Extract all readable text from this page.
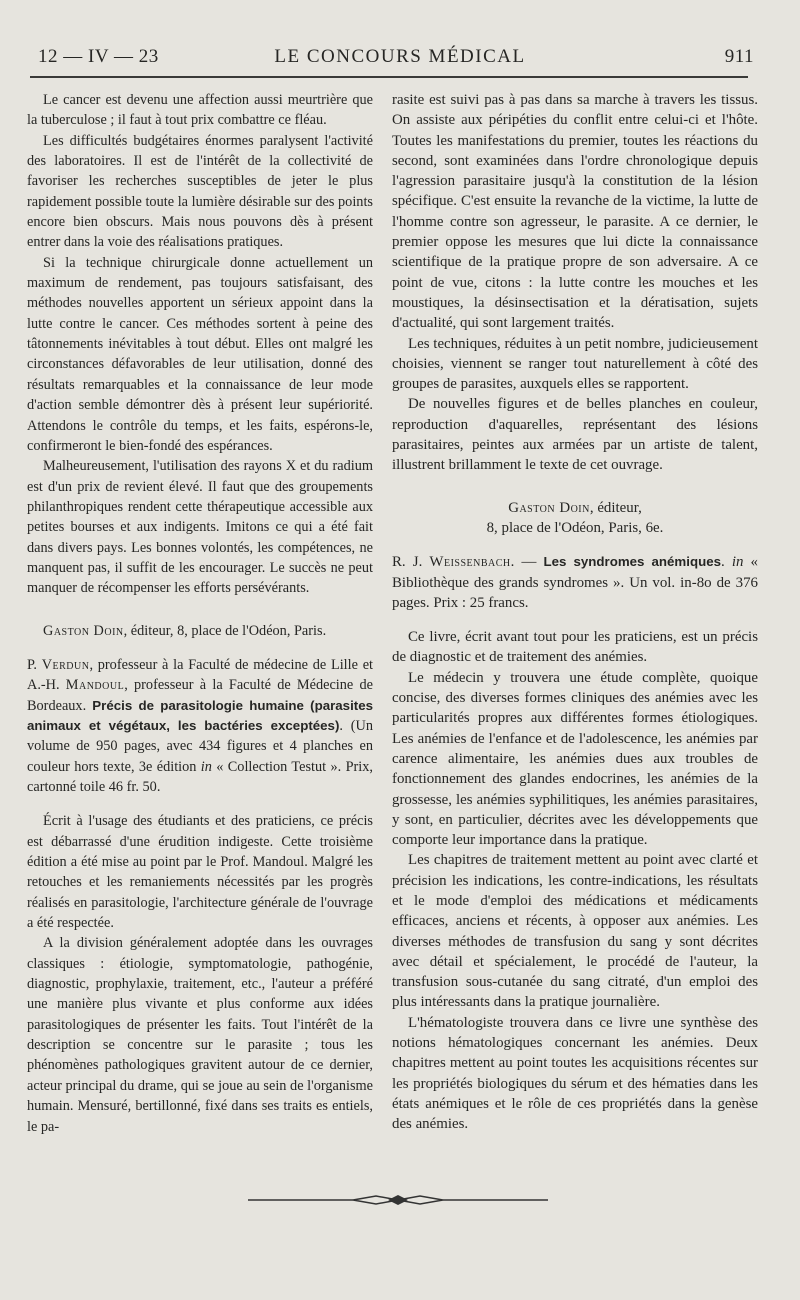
12 — IV — 23	LE CONCOURS MÉDICAL	911

Le cancer est devenu une affection aussi meurtrière que la tuberculose ; il faut à tout prix combattre ce fléau.

Les difficultés budgétaires énormes paralysent l'activité des laboratoires. Il est de l'intérêt de la collectivité de favoriser les recherches susceptibles de jeter le plus rapidement possible toute la lumière désirable sur des points encore bien obscurs. Mais nous pouvons dès à présent entrer dans la voie des réalisations pratiques.

Si la technique chirurgicale donne actuellement un maximum de rendement, pas toujours satisfaisant, des méthodes nouvelles apportent un sérieux appoint dans la lutte contre le cancer. Ces méthodes sortent à peine des tâtonnements inévitables à tout début. Elles ont malgré les circonstances défavorables de leur utilisation, donné des résultats remarquables et la connaissance de leur mode d'action semble démontrer dès à présent leur supériorité. Attendons le contrôle du temps, et les faits, espérons-le, confirmeront le bien-fondé des espérances.

Malheureusement, l'utilisation des rayons X et du radium est d'un prix de revient élevé. Il faut que des groupements philanthropiques rendent cette thérapeutique accessible aux petites bourses et aux indigents. Imitons ce qui a été fait dans divers pays. Les bonnes volontés, les compétences, ne manquent pas, il suffit de les encourager. Le succès ne peut manquer de récompenser les efforts persévérants.

Gaston Doin, éditeur, 8, place de l'Odéon, Paris.

P. Verdun, professeur à la Faculté de médecine de Lille et A.-H. Mandoul, professeur à la Faculté de Médecine de Bordeaux. Précis de parasitologie humaine (parasites animaux et végétaux, les bactéries exceptées). (Un volume de 950 pages, avec 434 figures et 4 planches en couleur hors texte, 3e édition in « Collection Testut ». Prix, cartonné toile 46 fr. 50.

Écrit à l'usage des étudiants et des praticiens, ce précis est débarrassé d'une érudition indigeste. Cette troisième édition a été mise au point par le Prof. Mandoul. Malgré les retouches et les remaniements nécessités par les progrès réalisés en parasitologie, l'architecture générale de l'ouvrage a été respectée.

A la division généralement adoptée dans les ouvrages classiques : étiologie, symptomatologie, pathogénie, diagnostic, prophylaxie, traitement, etc., l'auteur a préféré une manière plus vivante et plus conforme aux idées parasitologiques de présenter les faits. Tout l'intérêt de la description se concentre sur le parasite ; tous les phénomènes pathologiques gravitent autour de ce dernier, acteur principal du drame, qui se joue au sein de l'organisme humain. Mensuré, bertillonné, fixé dans ses traits es entiels, le pa-

rasite est suivi pas à pas dans sa marche à travers les tissus. On assiste aux péripéties du conflit entre celui-ci et l'hôte. Toutes les manifestations du premier, toutes les réactions du second, sont examinées dans l'ordre chronologique depuis l'agression parasitaire jusqu'à la constitution de la lésion spécifique. C'est ensuite la revanche de la victime, la lutte de l'homme contre son agresseur, le parasite. A ce dernier, le premier oppose les mesures que lui dicte la connaissance scientifique de la pratique propre de son adversaire. A ce point de vue, citons : la lutte contre les mouches et les moustiques, la désinsectisation et la dératisation, sujets d'actualité, qui sont largement traités.

Les techniques, réduites à un petit nombre, judicieusement choisies, viennent se ranger tout naturellement à côté des groupes de parasites, auxquels elles se rapportent.

De nouvelles figures et de belles planches en couleur, reproduction d'aquarelles, représentant des lésions parasitaires, peintes aux armées par un artiste de talent, illustrent brillamment le texte de cet ouvrage.

Gaston Doin, éditeur,

8, place de l'Odéon, Paris, 6e.

R. J. Weissenbach. — Les syndromes anémiques. in « Bibliothèque des grands syndromes ». Un vol. in-8o de 376 pages. Prix : 25 francs.

Ce livre, écrit avant tout pour les praticiens, est un précis de diagnostic et de traitement des anémies.

Le médecin y trouvera une étude complète, quoique concise, des diverses formes cliniques des anémies avec les particularités propres aux différentes formes étiologiques. Les anémies de l'enfance et de l'adolescence, les anémies par carence alimentaire, les anémies dues aux troubles de fonctionnement des glandes endocrines, les anémies de la grossesse, les anémies syphilitiques, les anémies parasitaires, y sont, en particulier, décrites avec les développements que comporte leur importance dans la pratique.

Les chapitres de traitement mettent au point avec clarté et précision les indications, les contre-indications, les résultats et le mode d'emploi des médications et médicaments efficaces, anciens et récents, à opposer aux anémies. Les diverses méthodes de transfusion du sang y sont décrites avec détail et spécialement, le procédé de l'auteur, la transfusion sous-cutanée du sang citraté, d'un emploi des plus intéressants dans la pratique journalière.

L'hématologiste trouvera dans ce livre une synthèse des notions hématologiques concernant les anémies. Deux chapitres mettent au point toutes les acquisitions récentes sur les propriétés biologiques du sérum et des hématies dans les états anémiques et le rôle de ces propriétés dans la genèse des anémies.
